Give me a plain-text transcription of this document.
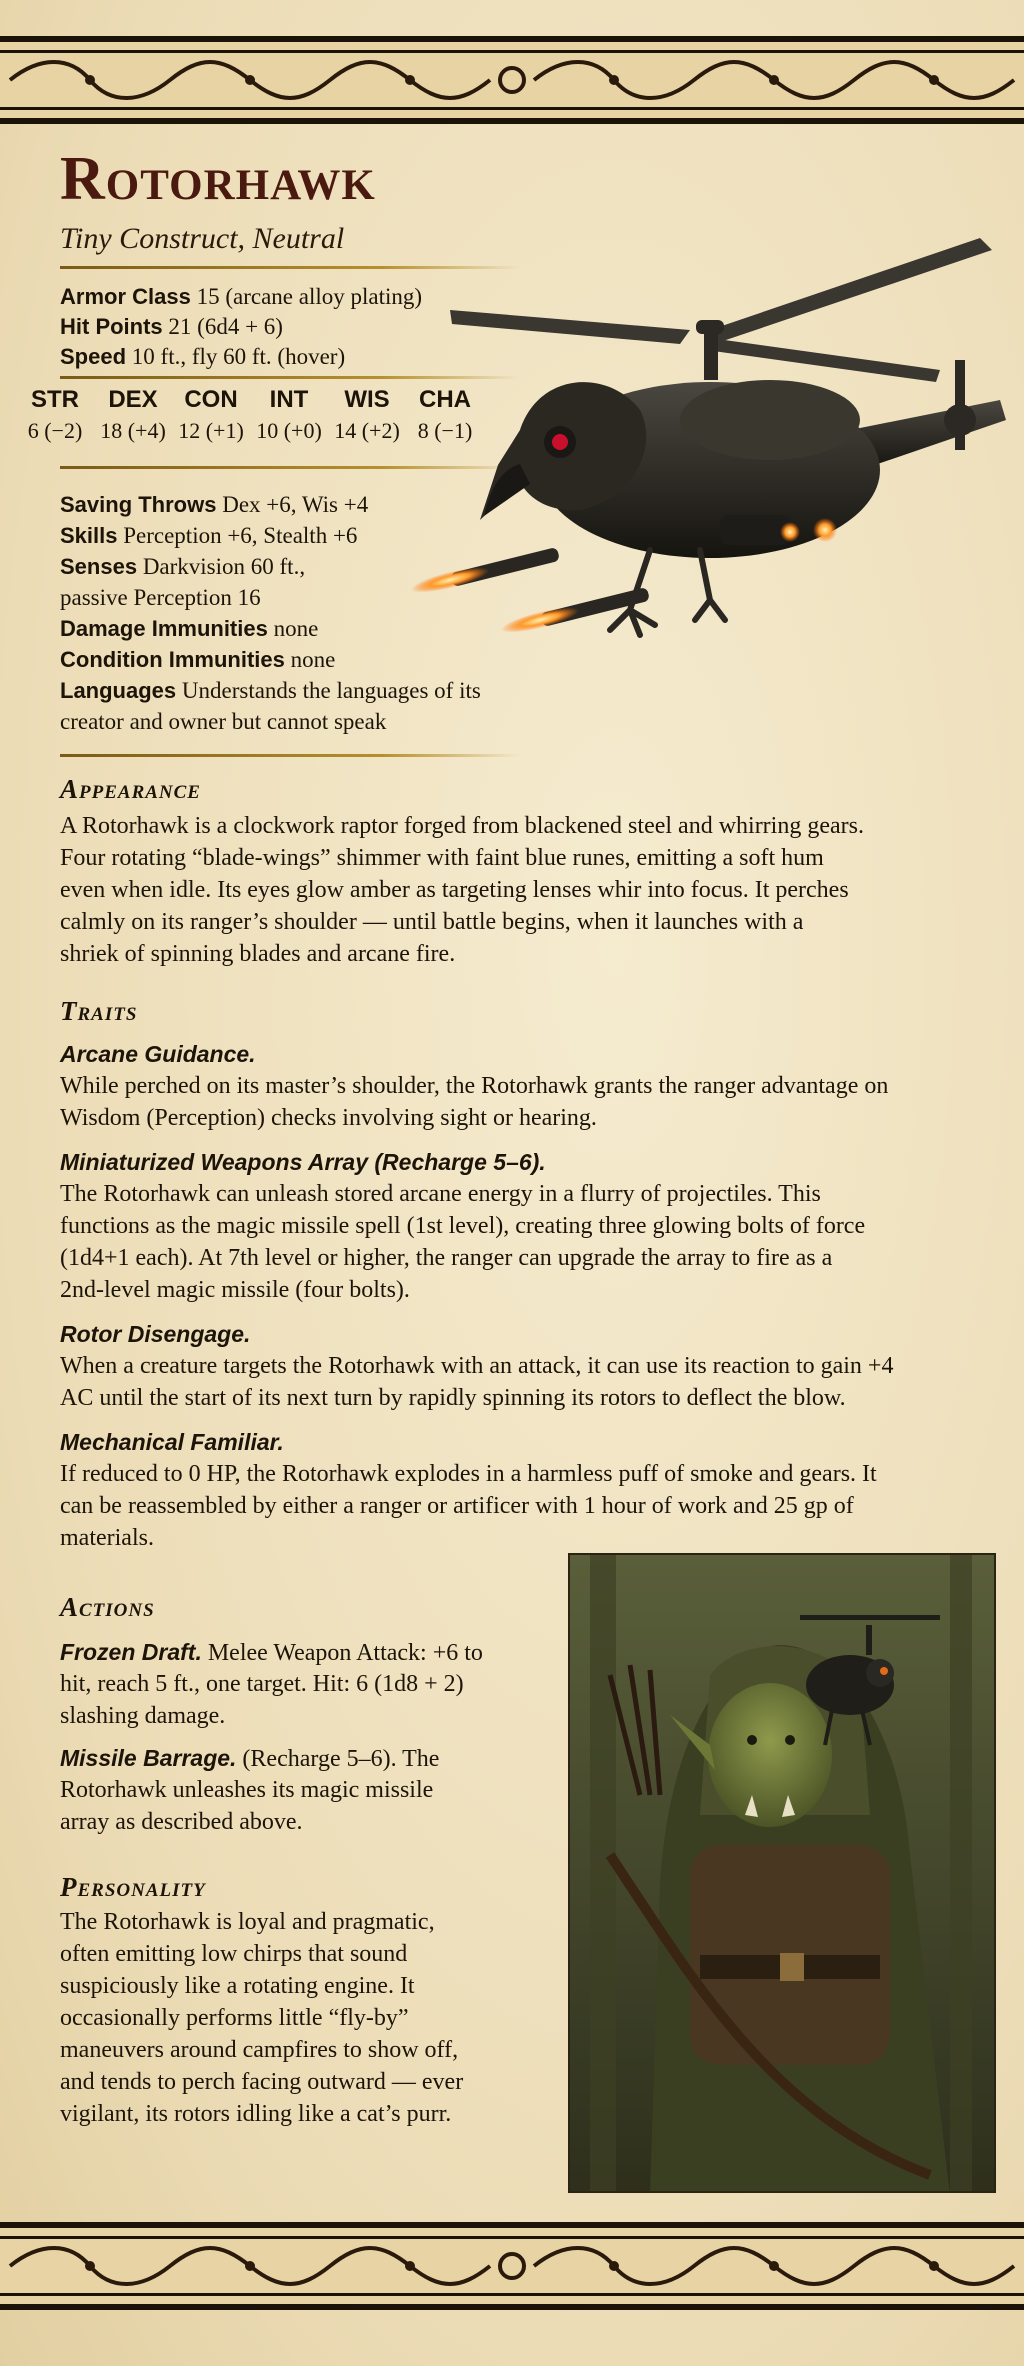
Rotorhawk
Tiny Construct, Neutral
Armor Class 15 (arcane alloy plating)
Hit Points 21 (6d4 + 6)
Speed 10 ft., fly 60 ft. (hover)
STR
6 (−2)
DEX
18 (+4)
CON
12 (+1)
INT
10 (+0)
WIS
14 (+2)
CHA
8 (−1)
Saving Throws Dex +6, Wis +4
Skills Perception +6, Stealth +6
Senses Darkvision 60 ft.,
passive Perception 16
Damage Immunities none
Condition Immunities none
Languages Understands the languages of its
creator and owner but cannot speak
Appearance
A Rotorhawk is a clockwork raptor forged from blackened steel and whirring gears.
Four rotating “blade-wings” shimmer with faint blue runes, emitting a soft hum
even when idle. Its eyes glow amber as targeting lenses whir into focus. It perches
calmly on its ranger’s shoulder — until battle begins, when it launches with a
shriek of spinning blades and arcane fire.
Traits
Arcane Guidance.
While perched on its master’s shoulder, the Rotorhawk grants the ranger advantage on
Wisdom (Perception) checks involving sight or hearing.
Miniaturized Weapons Array (Recharge 5–6).
The Rotorhawk can unleash stored arcane energy in a flurry of projectiles. This
functions as the magic missile spell (1st level), creating three glowing bolts of force
(1d4+1 each). At 7th level or higher, the ranger can upgrade the array to fire as a
2nd-level magic missile (four bolts).
Rotor Disengage.
When a creature targets the Rotorhawk with an attack, it can use its reaction to gain +4
AC until the start of its next turn by rapidly spinning its rotors to deflect the blow.
Mechanical Familiar.
If reduced to 0 HP, the Rotorhawk explodes in a harmless puff of smoke and gears. It
can be reassembled by either a ranger or artificer with 1 hour of work and 25 gp of
materials.
Actions
Frozen Draft. Melee Weapon Attack: +6 to
hit, reach 5 ft., one target. Hit: 6 (1d8 + 2)
slashing damage.
Missile Barrage. (Recharge 5–6). The
Rotorhawk unleashes its magic missile
array as described above.
Personality
The Rotorhawk is loyal and pragmatic,
often emitting low chirps that sound
suspiciously like a rotating engine. It
occasionally performs little “fly-by”
maneuvers around campfires to show off,
and tends to perch facing outward — ever
vigilant, its rotors idling like a cat’s purr.
